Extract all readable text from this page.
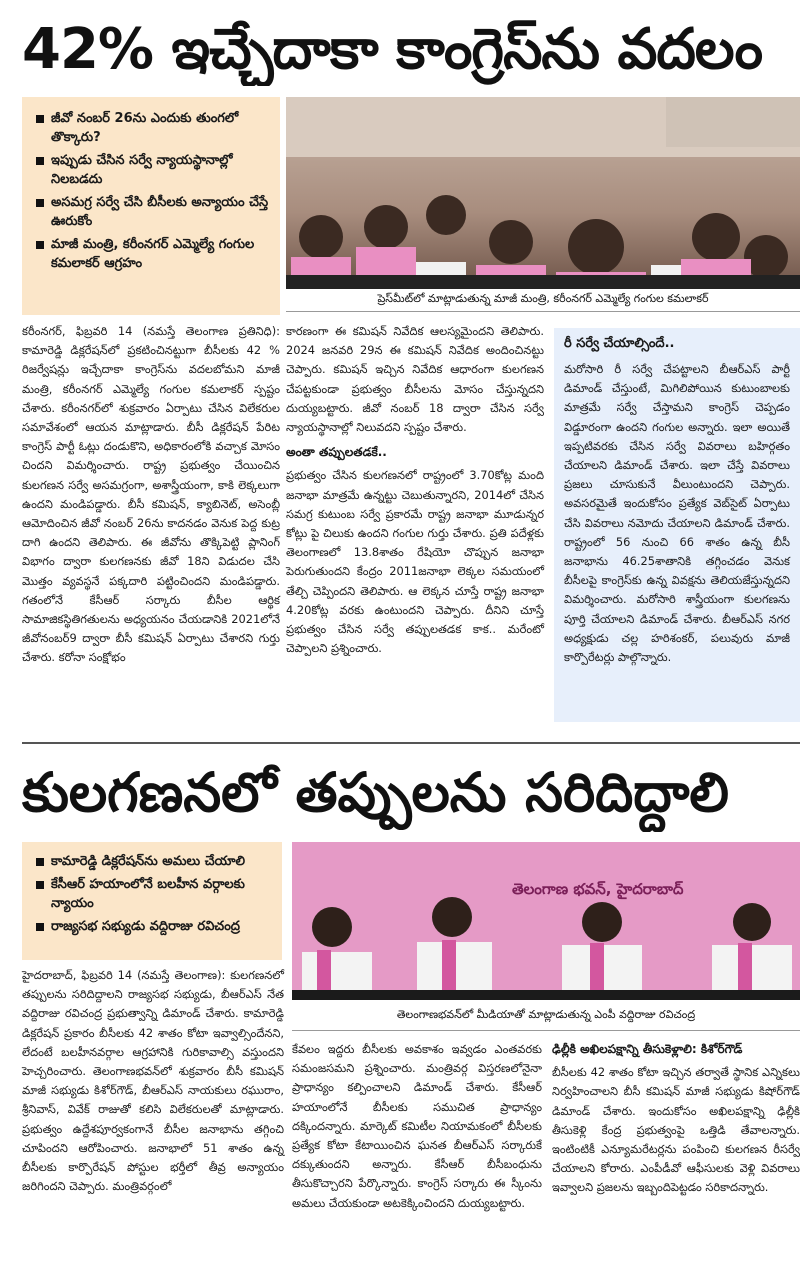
42% ఇచ్చేదాకా కాంగ్రెస్‌ను వదలం
జీవో నంబర్ 26ను ఎందుకు తుంగలో తొక్కారు?
ఇప్పుడు చేసిన సర్వే న్యాయస్థానాల్లో నిలబడదు
అసమగ్ర సర్వే చేసి బీసీలకు అన్యాయం చేస్తే ఊరుకోం
మాజీ మంత్రి, కరీంనగర్ ఎమ్మెల్యే గంగుల కమలాకర్ ఆగ్రహం
ప్రెస్‌మీట్‌లో మాట్లాడుతున్న మాజీ మంత్రి, కరీంనగర్ ఎమ్మెల్యే గంగుల కమలాకర్

కరీంనగర్, ఫిబ్రవరి 14 (నమస్తే తెలంగాణ ప్రతినిధి): కామారెడ్డి డిక్లరేషన్‌లో ప్రకటించినట్టుగా బీసీలకు 42 % రిజర్వేషన్లు ఇచ్చేదాకా కాంగ్రెస్‌ను వదలబోమని మాజీ మంత్రి, కరీంనగర్ ఎమ్మెల్యే గంగుల కమలాకర్ స్పష్టం చేశారు. కరీంనగర్‌లో శుక్రవారం ఏర్పాటు చేసిన విలేకరుల సమావేశంలో ఆయన మాట్లాడారు. బీసీ డిక్లరేషన్ పేరిట కాంగ్రెస్ పార్టీ ఓట్లు దండుకొని, అధికారంలోకి వచ్చాక మోసం చిందని విమర్శించారు. రాష్ట్ర ప్రభుత్వం చేయించిన కులగణన సర్వే అసమగ్రంగా, అశాస్త్రీయంగా, కాకి లెక్కలుగా ఉందని మండిపడ్డారు. బీసీ కమిషన్, క్యాబినెట్, అసెంబ్లీ ఆమోదించిన జీవో నంబర్ 26ను కాదనడం వెనుక పెద్ద కుట్ర దాగి ఉందని తెలిపారు. ఈ జీవోను తొక్కిపెట్టి ప్లానింగ్ విభాగం ద్వారా కులగణనకు జీవో 18ని విడుదల చేసి మొత్తం వ్యవస్థనే పక్కదారి పట్టించిందని మండిపడ్డారు. గతంలోనే కేసీఆర్ సర్కారు బీసీల ఆర్థిక సామాజికస్థితిగతులను అధ్యయనం చేయడానికి 2021లోనే జీవోనంబర్9 ద్వారా బీసీ కమిషన్ ఏర్పాటు చేశారని గుర్తు చేశారు. కరోనా సంక్షోభం

కారణంగా ఈ కమిషన్ నివేదిక ఆలస్యమైందని తెలిపారు. 2024 జనవరి 29న ఈ కమిషన్ నివేదిక అందించినట్టు చెప్పారు. కమిషన్ ఇచ్చిన నివేదిక ఆధారంగా కులగణన చేపట్టకుండా ప్రభుత్వం బీసీలను మోసం చేస్తున్నదని దుయ్యబట్టారు. జీవో నంబర్ 18 ద్వారా చేసిన సర్వే న్యాయస్థానాల్లో నిలువదని స్పష్టం చేశారు.

అంతా తప్పులతడకే..

ప్రభుత్వం చేసిన కులగణనలో రాష్ట్రంలో 3.70కోట్ల మంది జనాభా మాత్రమే ఉన్నట్టు చెబుతున్నారని, 2014లో చేసిన సమగ్ర కుటుంబ సర్వే ప్రకారమే రాష్ట్ర జనాభా మూడున్నర కోట్లు పై చిలుకు ఉందని గంగుల గుర్తు చేశారు. ప్రతి పదేళ్లకు తెలంగాణలో 13.8శాతం రేషియో చొప్పున జనాభా పెరుగుతుందని కేంద్రం 2011జనాభా లెక్కల సమయంలో తేల్చి చెప్పిందని తెలిపారు. ఆ లెక్కన చూస్తే రాష్ట్ర జనాభా 4.20కోట్ల వరకు ఉంటుందని చెప్పారు. దీనిని చూస్తే ప్రభుత్వం చేసిన సర్వే తప్పులతడక కాక.. మరేంటో చెప్పాలని ప్రశ్నించారు.

రీ సర్వే చేయాల్సిందే..
మరోసారి రీ సర్వే చేపట్టాలని బీఆర్‌ఎస్ పార్టీ డిమాండ్ చేస్తుంటే, మిగిలిపోయిన కుటుంబాలకు మాత్రమే సర్వే చేస్తామని కాంగ్రెస్ చెప్పడం విడ్డూరంగా ఉందని గంగుల అన్నారు. ఇలా అయితే ఇప్పటివరకు చేసిన సర్వే వివరాలు బహిర్గతం చేయాలని డిమాండ్ చేశారు. ఇలా చేస్తే వివరాలు ప్రజలు చూసుకునే వీలుంటుందని చెప్పారు. అవసరమైతే ఇందుకోసం ప్రత్యేక వెబ్‌సైట్ ఏర్పాటు చేసి వివరాలు నమోదు చేయాలని డిమాండ్ చేశారు. రాష్ట్రంలో 56 నుంచి 66 శాతం ఉన్న బీసీ జనాభాను 46.25శాతానికి తగ్గించడం వెనుక బీసీలపై కాంగ్రెస్‌కు ఉన్న వివక్షను తెలియజేస్తున్నదని విమర్శించారు. మరోసారి శాస్త్రీయంగా కులగణను పూర్తి చేయాలని డిమాండ్ చేశారు. బీఆర్‌ఎస్ నగర అధ్యక్షుడు చల్ల హరిశంకర్, పలువురు మాజీ కార్పొరేటర్లు పాల్గొన్నారు.
కులగణనలో తప్పులను సరిదిద్దాలి
కామారెడ్డి డిక్లరేషన్‌ను అమలు చేయాలి
కేసీఆర్ హయాంలోనే బలహీన వర్గాలకు న్యాయం
రాజ్యసభ సభ్యుడు వద్దిరాజు రవిచంద్ర
తెలంగాణ భవన్, హైదరాబాద్
తెలంగాణభవన్‌లో మీడియాతో మాట్లాడుతున్న ఎంపీ వద్దిరాజు రవిచంద్ర

హైదరాబాద్, ఫిబ్రవరి 14 (నమస్తే తెలంగాణ): కులగణనలో తప్పులను సరిదిద్దాలని రాజ్యసభ సభ్యుడు, బీఆర్‌ఎస్ నేత వద్దిరాజు రవిచంద్ర ప్రభుత్వాన్ని డిమాండ్ చేశారు. కామారెడ్డి డిక్లరేషన్ ప్రకారం బీసీలకు 42 శాతం కోటా ఇవ్వాల్సిందేనని, లేదంటే బలహీనవర్గాల ఆగ్రహానికి గురికావాల్సి వస్తుందని హెచ్చరించారు. తెలంగాణభవన్‌లో శుక్రవారం బీసీ కమిషన్ మాజీ సభ్యుడు కిశోర్‌గౌడ్, బీఆర్‌ఎస్ నాయకులు రఘురాం, శ్రీనివాస్, వివేక్ రాజుతో కలిసి విలేకరులతో మాట్లాడారు. ప్రభుత్వం ఉద్దేశపూర్వకంగానే బీసీల జనాభాను తగ్గించి చూపిందని ఆరోపించారు. జనాభాలో 51 శాతం ఉన్న బీసీలకు కార్పొరేషన్ పోస్టుల భర్తీలో తీవ్ర అన్యాయం జరిగిందని చెప్పారు. మంత్రివర్గంలో

కేవలం ఇద్దరు బీసీలకు అవకాశం ఇవ్వడం ఎంతవరకు సమంజసమని ప్రశ్నించారు. మంత్రివర్గ విస్తరణలోనైనా ప్రాధాన్యం కల్పించాలని డిమాండ్ చేశారు. కేసీఆర్ హయాంలోనే బీసీలకు సముచిత ప్రాధాన్యం దక్కిందన్నారు. మార్కెట్ కమిటీల నియామకంలో బీసీలకు ప్రత్యేక కోటా కేటాయించిన ఘనత బీఆర్‌ఎస్ సర్కారుకే దక్కుతుందని అన్నారు. కేసీఆర్ బీసీబంధును తీసుకొచ్చారని పేర్కొన్నారు. కాంగ్రెస్ సర్కారు ఈ స్కీంను అమలు చేయకుండా అటకెక్కించిందని దుయ్యబట్టారు.

ఢిల్లీకి అఖిలపక్షాన్ని తీసుకెళ్లాలి: కిశోర్‌గౌడ్

బీసీలకు 42 శాతం కోటా ఇచ్చిన తర్వాతే స్థానిక ఎన్నికలు నిర్వహించాలని బీసీ కమిషన్ మాజీ సభ్యుడు కిషోర్‌గౌడ్ డిమాండ్ చేశారు. ఇందుకోసం అఖిలపక్షాన్ని ఢిల్లీకి తీసుకెళ్లి కేంద్ర ప్రభుత్వంపై ఒత్తిడి తేవాలన్నారు. ఇంటింటికీ ఎన్యూమరేటర్లను పంపించి కులగణన రీసర్వే చేయాలని కోరారు. ఎంపీడీవో ఆఫీసులకు వెళ్లి వివరాలు ఇవ్వాలని ప్రజలను ఇబ్బందిపెట్టడం సరికాదన్నారు.
